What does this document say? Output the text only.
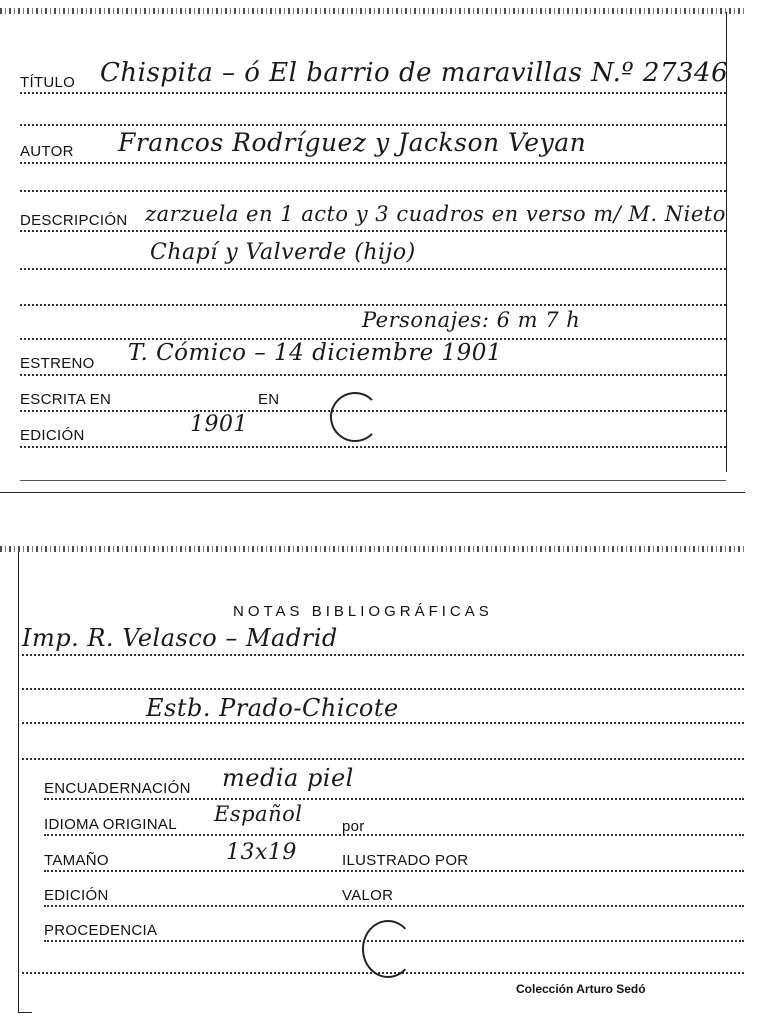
TÍTULO Chispita – ó El barrio de maravillas N.º 27346
AUTOR Francos Rodríguez y Jackson Veyan
DESCRIPCIÓN zarzuela en 1 acto y 3 cuadros en verso m/ M. Nieto
Chapí y Valverde (hijo)
Personajes: 6 m 7 h
ESTRENO T. Cómico – 14 diciembre 1901
ESCRITA EN	EN
EDICIÓN	1901
NOTAS BIBLIOGRÁFICAS
Imp. R. Velasco – Madrid
Estb. Prado-Chicote
ENCUADERNACIÓN media piel
IDIOMA ORIGINAL Español
por
TAMAÑO	13x19	ILUSTRADO POR
EDICIÓN	VALOR
PROCEDENCIA
Colección Arturo Sedó
